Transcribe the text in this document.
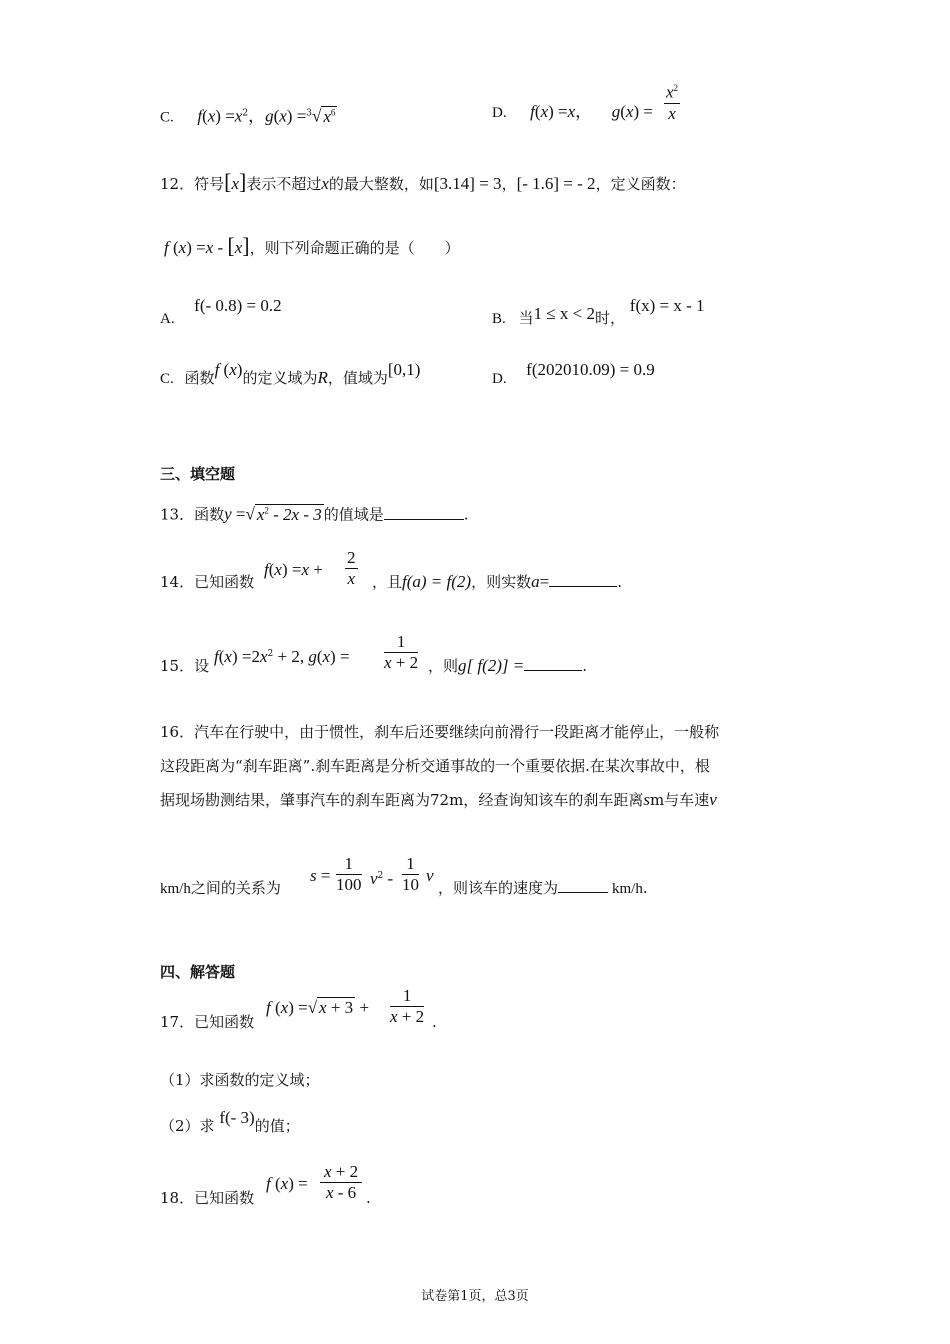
C. $f(x) =x^2$，g(x) =$^3$√ $x^6$	D. f(x) =x， g(x) =
$x^2$
x
12．符号[x]表示不超过x的最大整数，如[3.14] = 3，[- 1.6] = - 2，定义函数：
f (x) =x - [x]，则下列命题正确的是（　　）
A.  f(- 0.8) = 0.2
B. 当1 ≤ x < 2时， f(x) = x - 1
C. 函数f (x)的定义域为R，值域为[0,1)	D. f(202010.09) = 0.9
三、填空题
13．函数y =√ $x^2 - 2x - 3$ 的值域是	.
14．已知函数
f(x) =x +
2
x ，且f(a) = f(2)，则实数a=	.
15．设 $f(x) =2x^2 + 2$, g(x) =
1
x + 2 ，则g[ f(2)] =	.
16．汽车在行驶中，由于惯性，刹车后还要继续向前滑行一段距离才能停止，一般称
这段距离为“刹车距离”.刹车距离是分析交通事故的一个重要依据.在某次事故中，根
据现场勘测结果，肇事汽车的刹车距离为72m，经查询知该车的刹车距离sm与车速v
km/h之间的关系为
s =
1
100 $v^2$ -
1
10 v
，则该车的速度为	km/h.
四、解答题
17．已知函数
f (x) =√ x + 3 +
1
x + 2 .
（1）求函数的定义域；
（2）求 f(- 3)的值；
18．已知函数
f (x) =
x + 2
x - 6 .
试卷第1页，总3页
